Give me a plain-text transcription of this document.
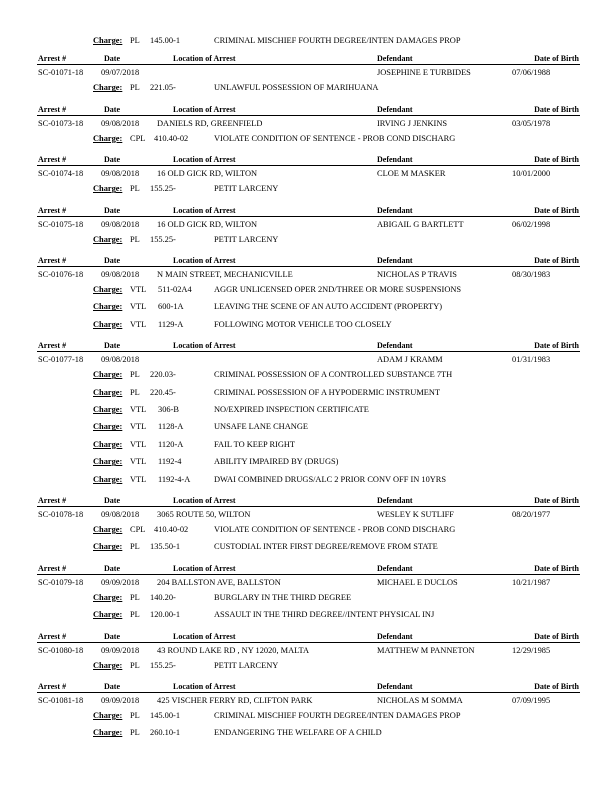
Charge: PL 145.00-1	CRIMINAL MISCHIEF FOURTH DEGREE/INTEN DAMAGES PROP
Arrest #	Date	Location of Arrest	Defendant	Date of Birth
SC-01071-18 09/07/2018	JOSEPHINE E TURBIDES	07/06/1988
Charge: PL 221.05-	UNLAWFUL POSSESSION OF MARIHUANA
Arrest #	Date	Location of Arrest	Defendant	Date of Birth
SC-01073-18 09/08/2018 DANIELS RD, GREENFIELD	IRVING J JENKINS	03/05/1978
Charge: CPL 410.40-02	VIOLATE CONDITION OF SENTENCE - PROB COND DISCHARG
Arrest #	Date	Location of Arrest	Defendant	Date of Birth
SC-01074-18 09/08/2018 16 OLD GICK RD, WILTON	CLOE M MASKER	10/01/2000
Charge: PL 155.25-	PETIT LARCENY
Arrest #	Date	Location of Arrest	Defendant	Date of Birth
SC-01075-18 09/08/2018 16 OLD GICK RD, WILTON	ABIGAIL G BARTLETT	06/02/1998
Charge: PL 155.25-	PETIT LARCENY
Arrest #	Date	Location of Arrest	Defendant	Date of Birth
SC-01076-18 09/08/2018 N MAIN STREET, MECHANICVILLE	NICHOLAS P TRAVIS	08/30/1983
Charge: VTL 511-02A4	AGGR UNLICENSED OPER 2ND/THREE OR MORE SUSPENSIONS
Charge: VTL 600-1A	LEAVING THE SCENE OF AN AUTO ACCIDENT (PROPERTY)
Charge: VTL 1129-A	FOLLOWING MOTOR VEHICLE TOO CLOSELY
Arrest #	Date	Location of Arrest	Defendant	Date of Birth
SC-01077-18 09/08/2018	ADAM J KRAMM	01/31/1983
Charge: PL 220.03-	CRIMINAL POSSESSION OF A CONTROLLED SUBSTANCE 7TH
Charge: PL 220.45-	CRIMINAL POSSESSION OF A HYPODERMIC INSTRUMENT
Charge: VTL 306-B	NO/EXPIRED INSPECTION CERTIFICATE
Charge: VTL 1128-A	UNSAFE LANE CHANGE
Charge: VTL 1120-A	FAIL TO KEEP RIGHT
Charge: VTL 1192-4	ABILITY IMPAIRED BY (DRUGS)
Charge: VTL 1192-4-A	DWAI COMBINED DRUGS/ALC 2 PRIOR CONV OFF IN 10YRS
Arrest #	Date	Location of Arrest	Defendant	Date of Birth
SC-01078-18 09/08/2018 3065 ROUTE 50, WILTON	WESLEY K SUTLIFF	08/20/1977
Charge: CPL 410.40-02	VIOLATE CONDITION OF SENTENCE - PROB COND DISCHARG
Charge: PL 135.50-1	CUSTODIAL INTER FIRST DEGREE/REMOVE FROM STATE
Arrest #	Date	Location of Arrest	Defendant	Date of Birth
SC-01079-18 09/09/2018 204 BALLSTON AVE, BALLSTON	MICHAEL E DUCLOS	10/21/1987
Charge: PL 140.20-	BURGLARY IN THE THIRD DEGREE
Charge: PL 120.00-1	ASSAULT IN THE THIRD DEGREE//INTENT PHYSICAL INJ
Arrest #	Date	Location of Arrest	Defendant	Date of Birth
SC-01080-18 09/09/2018 43 ROUND LAKE RD , NY 12020, MALTA	MATTHEW M PANNETON	12/29/1985
Charge: PL 155.25-	PETIT LARCENY
Arrest #	Date	Location of Arrest	Defendant	Date of Birth
SC-01081-18 09/09/2018 425 VISCHER FERRY RD, CLIFTON PARK	NICHOLAS M SOMMA	07/09/1995
Charge: PL 145.00-1	CRIMINAL MISCHIEF FOURTH DEGREE/INTEN DAMAGES PROP
Charge: PL 260.10-1	ENDANGERING THE WELFARE OF A CHILD
